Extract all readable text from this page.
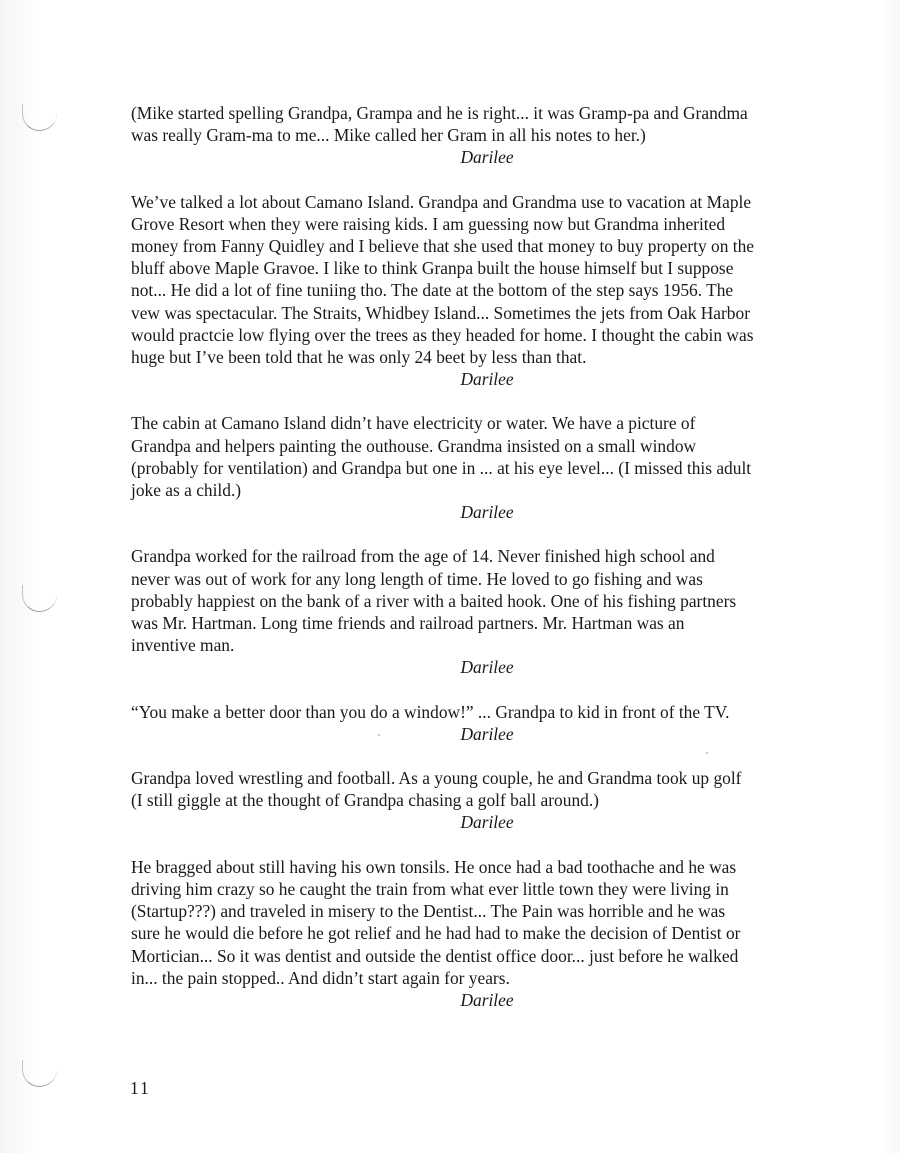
(Mike started spelling Grandpa, Grampa and he is right... it was Gramp-pa and Grandma
was really Gram-ma to me... Mike called her Gram in all his notes to her.)

Darilee

We’ve talked a lot about Camano Island. Grandpa and Grandma use to vacation at Maple
Grove Resort when they were raising kids. I am guessing now but Grandma inherited
money from Fanny Quidley and I believe that she used that money to buy property on the
bluff above Maple Gravoe. I like to think Granpa built the house himself but I suppose
not... He did a lot of fine tuniing tho. The date at the bottom of the step says 1956. The
vew was spectacular. The Straits, Whidbey Island... Sometimes the jets from Oak Harbor
would practcie low flying over the trees as they headed for home. I thought the cabin was
huge but I’ve been told that he was only 24 beet by less than that.

Darilee

The cabin at Camano Island didn’t have electricity or water. We have a picture of
Grandpa and helpers painting the outhouse. Grandma insisted on a small window
(probably for ventilation) and Grandpa but one in ... at his eye level... (I missed this adult
joke as a child.)

Darilee

Grandpa worked for the railroad from the age of 14. Never finished high school and
never was out of work for any long length of time. He loved to go fishing and was
probably happiest on the bank of a river with a baited hook. One of his fishing partners
was Mr. Hartman. Long time friends and railroad partners. Mr. Hartman was an
inventive man.

Darilee

“You make a better door than you do a window!” ... Grandpa to kid in front of the TV.

Darilee

Grandpa loved wrestling and football. As a young couple, he and Grandma took up golf
(I still giggle at the thought of Grandpa chasing a golf ball around.)

Darilee

He bragged about still having his own tonsils. He once had a bad toothache and he was
driving him crazy so he caught the train from what ever little town they were living in
(Startup???) and traveled in misery to the Dentist... The Pain was horrible and he was
sure he would die before he got relief and he had had to make the decision of Dentist or
Mortician... So it was dentist and outside the dentist office door... just before he walked
in... the pain stopped.. And didn’t start again for years.

Darilee

11
